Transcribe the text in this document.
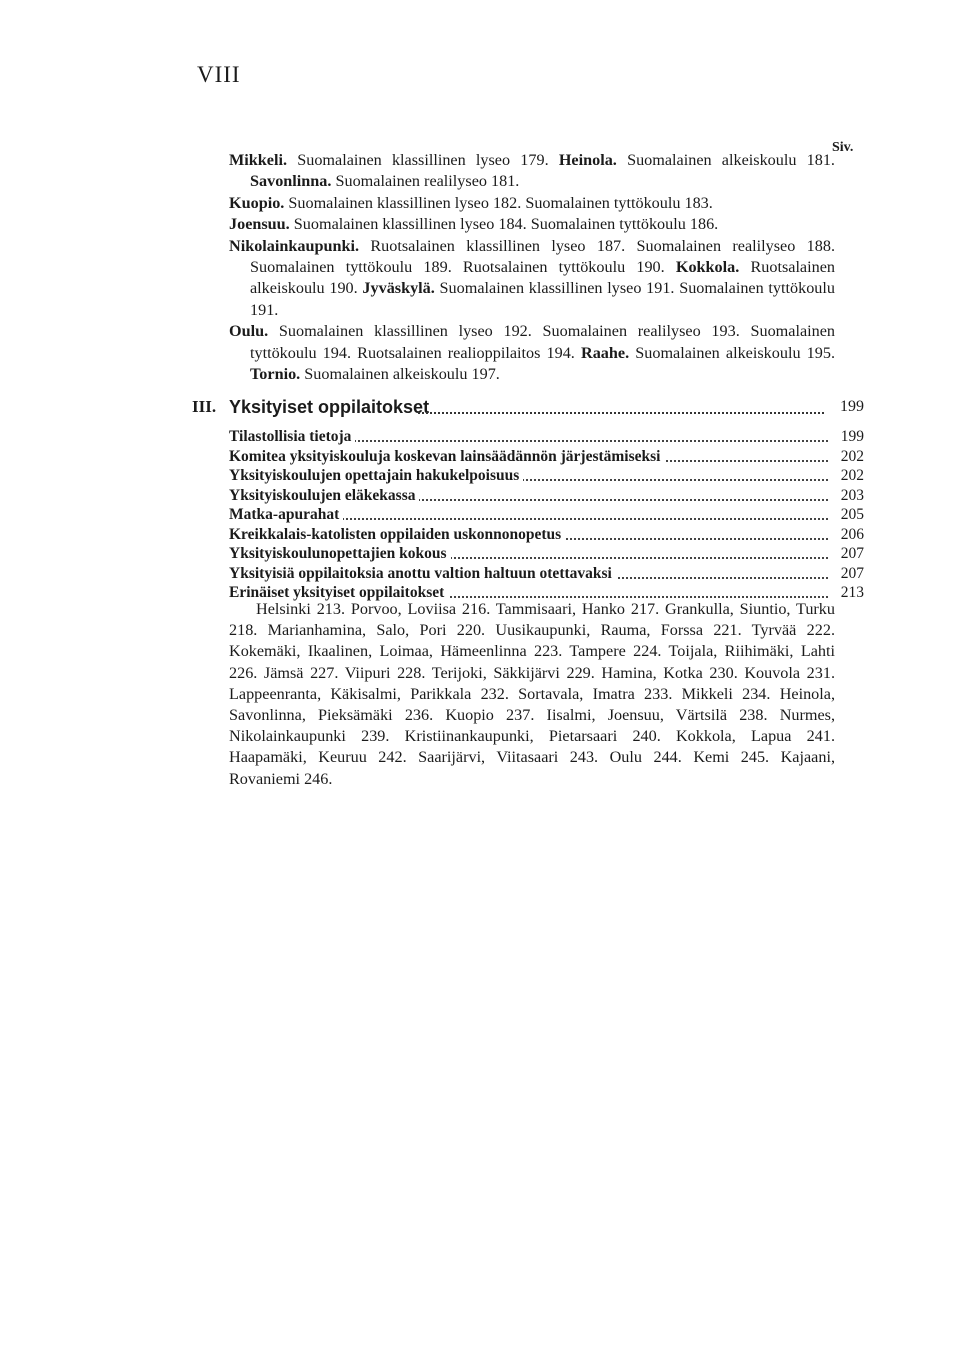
VIII
Siv.

Mikkeli. Suomalainen klassillinen lyseo 179. Heinola. Suomalainen alkeiskoulu 181. Savonlinna. Suomalainen realilyseo 181.

Kuopio. Suomalainen klassillinen lyseo 182. Suomalainen tyttökoulu 183.

Joensuu. Suomalainen klassillinen lyseo 184. Suomalainen tyttökoulu 186.

Nikolainkaupunki. Ruotsalainen klassillinen lyseo 187. Suomalainen realilyseo 188. Suomalainen tyttökoulu 189. Ruotsalainen tyttökoulu 190. Kokkola. Ruotsalainen alkeiskoulu 190. Jyväskylä. Suomalainen klassillinen lyseo 191. Suomalainen tyttökoulu 191.

Oulu. Suomalainen klassillinen lyseo 192. Suomalainen realilyseo 193. Suomalainen tyttökoulu 194. Ruotsalainen realioppilaitos 194. Raahe. Suomalainen alkeiskoulu 195. Tornio. Suomalainen alkeiskoulu 197.

III. Yksityiset oppilaitokset	199
Tilastollisia tietoja	199
Komitea yksityiskouluja koskevan lainsäädännön järjestämiseksi	202
Yksityiskoulujen opettajain hakukelpoisuus	202
Yksityiskoulujen eläkekassa	203
Matka-apurahat	205
Kreikkalais-katolisten oppilaiden uskonnonopetus	206
Yksityiskoulunopettajien kokous	207
Yksityisiä oppilaitoksia anottu valtion haltuun otettavaksi	207
Erinäiset yksityiset oppilaitokset	213
Helsinki 213. Porvoo, Loviisa 216. Tammisaari, Hanko 217. Grankulla, Siuntio, Turku 218. Marianhamina, Salo, Pori 220. Uusikaupunki, Rauma, Forssa 221. Tyrvää 222. Kokemäki, Ikaalinen, Loimaa, Hämeenlinna 223. Tampere 224. Toijala, Riihimäki, Lahti 226. Jämsä 227. Viipuri 228. Terijoki, Säkkijärvi 229. Hamina, Kotka 230. Kouvola 231. Lappeenranta, Käkisalmi, Parikkala 232. Sortavala, Imatra 233. Mikkeli 234. Heinola, Savonlinna, Pieksämäki 236. Kuopio 237. Iisalmi, Joensuu, Värtsilä 238. Nurmes, Nikolainkaupunki 239. Kristiinankaupunki, Pietarsaari 240. Kokkola, Lapua 241. Haapamäki, Keuruu 242. Saarijärvi, Viitasaari 243. Oulu 244. Kemi 245. Kajaani, Rovaniemi 246.
